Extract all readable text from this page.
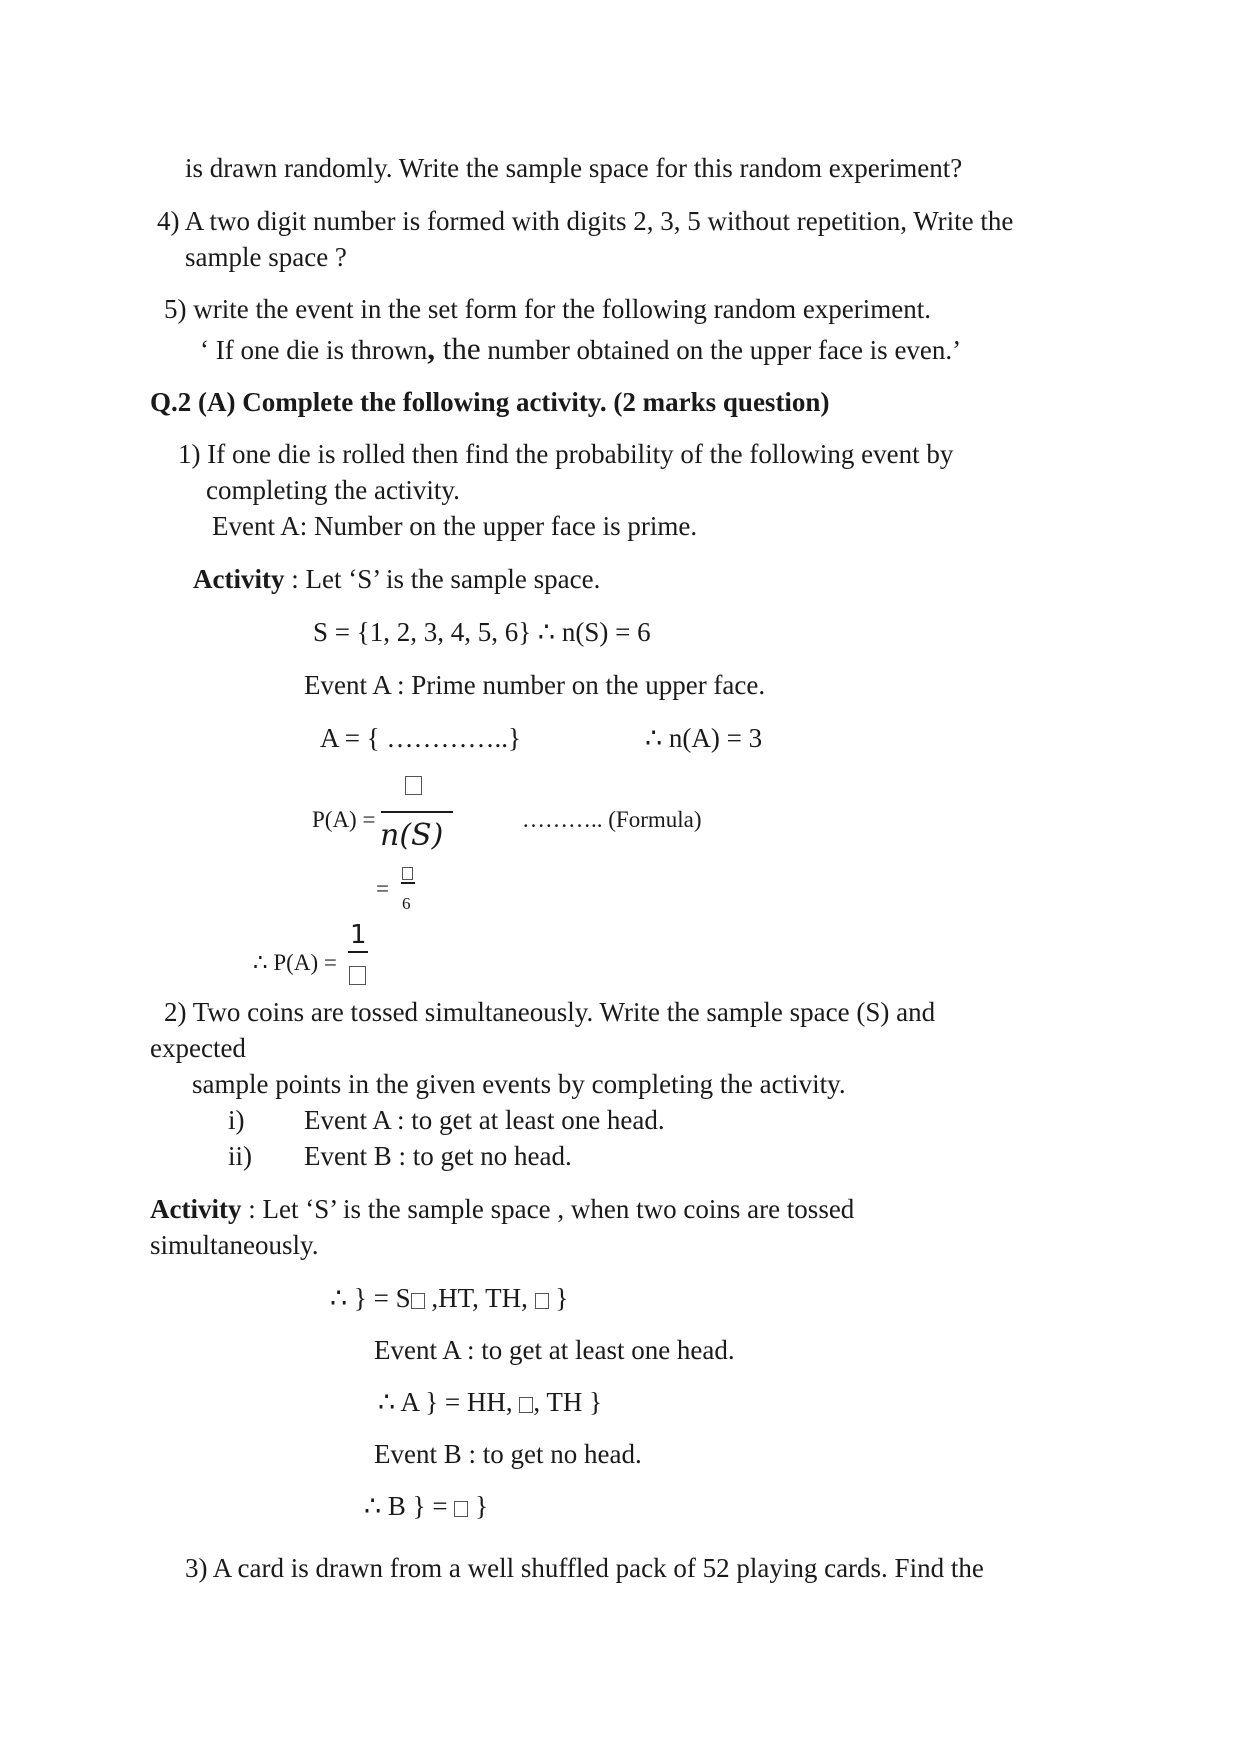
is drawn randomly. Write the sample space for this random experiment?
4) A two digit number is formed with digits 2, 3, 5 without repetition, Write the
sample space ?
5) write the event in the set form for the following random experiment.
‘ If one die is thrown, the number obtained on the upper face is even.’
Q.2 (A) Complete the following activity. (2 marks question)
1) If one die is rolled then find the probability of the following event by
completing the activity.
Event A: Number on the upper face is prime.
Activity : Let ‘S’ is the sample space.
S = {1, 2, 3, 4, 5, 6} ∴ n(S) = 6
Event A : Prime number on the upper face.
A = { …………..}	∴ n(A) = 3
P(A) = n(S)	……….. (Formula)
=
6
∴ P(A) =
1
2) Two coins are tossed simultaneously. Write the sample space (S) and
expected
sample points in the given events by completing the activity.
i) Event A : to get at least one head.
ii) Event B : to get no head.
Activity : Let ‘S’ is the sample space , when two coins are tossed
simultaneously.
∴ } = S ,HT, TH,  }
Event A : to get at least one head.
∴ A } = HH, , TH }
Event B : to get no head.
∴ B } =  }
3) A card is drawn from a well shuffled pack of 52 playing cards. Find the
